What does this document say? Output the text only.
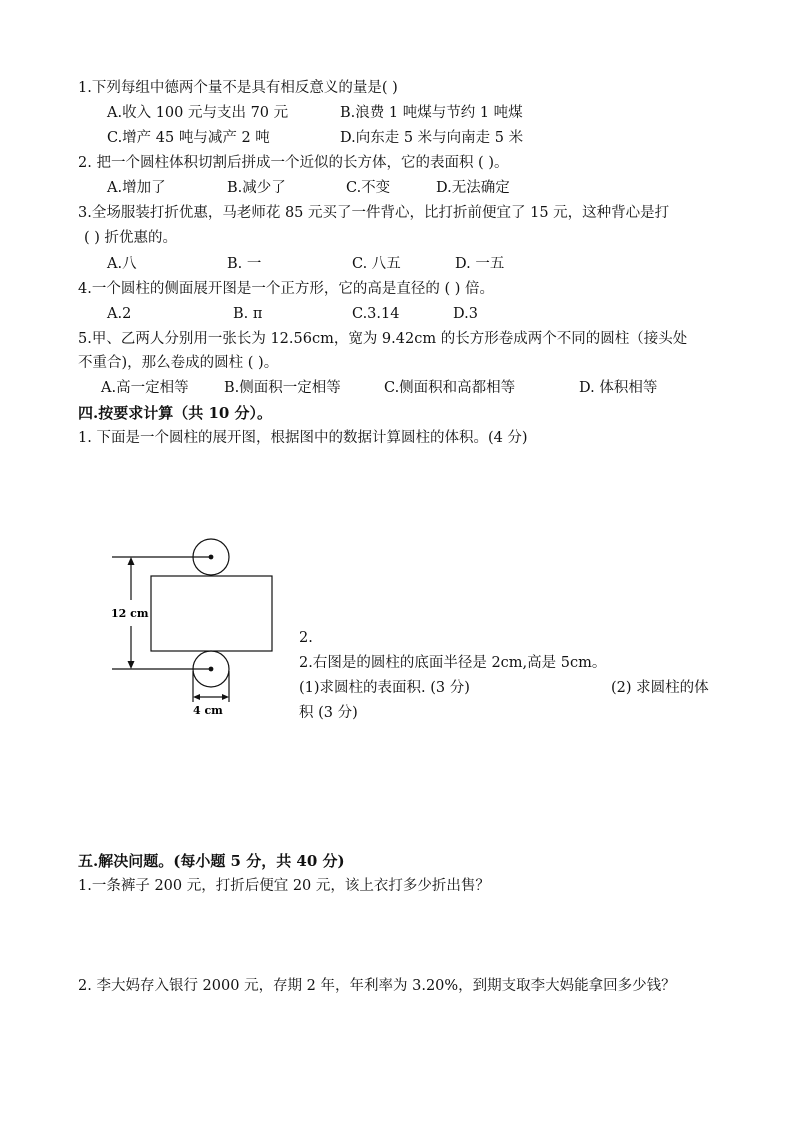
1.下列每组中德两个量不是具有相反意义的量是( )
A.收入 100 元与支出 70 元	B.浪费 1 吨煤与节约 1 吨煤
C.增产 45 吨与减产 2 吨	D.向东走 5 米与向南走 5 米
2. 把一个圆柱体积切割后拼成一个近似的长方体，它的表面积 ( )。
A.增加了	B.减少了	C.不变	D.无法确定
3.全场服装打折优惠，马老师花 85 元买了一件背心，比打折前便宜了 15 元，这种背心是打
( ) 折优惠的。
A.八	B. 一	C. 八五	D. 一五
4.一个圆柱的侧面展开图是一个正方形，它的高是直径的 ( ) 倍。
A.2	B. π	C.3.14	D.3
5.甲、乙两人分别用一张长为 12.56cm，宽为 9.42cm 的长方形卷成两个不同的圆柱（接头处
不重合)，那么卷成的圆柱 ( )。
A.高一定相等 B.侧面积一定相等	C.侧面积和高都相等	D. 体积相等
四.按要求计算（共 10 分）。
1. 下面是一个圆柱的展开图，根据图中的数据计算圆柱的体积。(4 分)
12 cm
4 cm
2.
2.右图是的圆柱的底面半径是 2cm,高是 5cm。
(1)求圆柱的表面积. (3 分)	(2) 求圆柱的体
积 (3 分)
五.解决问题。(每小题 5 分，共 40 分)
1.一条裤子 200 元，打折后便宜 20 元，该上衣打多少折出售？
2. 李大妈存入银行 2000 元，存期 2 年，年利率为 3.20%，到期支取李大妈能拿回多少钱？
